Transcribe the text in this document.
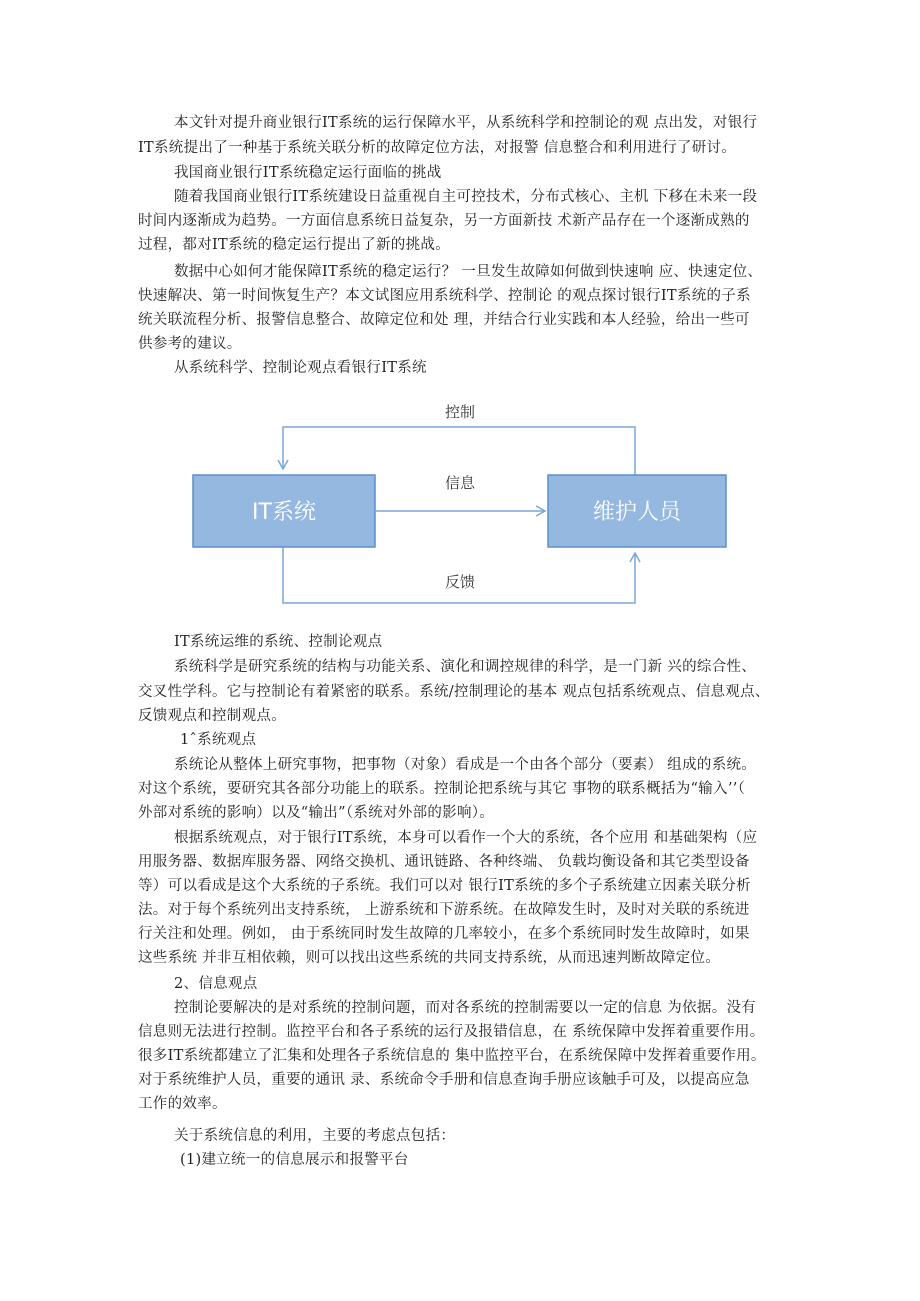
本文针对提升商业银行IT系统的运行保障水平，从系统科学和控制论的观 点出发，对银行
IT系统提出了一种基于系统关联分析的故障定位方法，对报警 信息整合和利用进行了研讨。
我国商业银行IT系统稳定运行面临的挑战
随着我国商业银行IT系统建设日益重视自主可控技术，分布式核心、主机 下移在未来一段
时间内逐渐成为趋势。一方面信息系统日益复杂，另一方面新技 术新产品存在一个逐渐成熟的
过程，都对IT系统的稳定运行提出了新的挑战。
数据中心如何才能保障IT系统的稳定运行？ 一旦发生故障如何做到快速响 应、快速定位、
快速解决、第一时间恢复生产？本文试图应用系统科学、控制论 的观点探讨银行IT系统的子系
统关联流程分析、报警信息整合、故障定位和处 理，并结合行业实践和本人经验，给出一些可
供参考的建议。
从系统科学、控制论观点看银行IT系统
控制
IT系统
信息
维护人员
反馈
IT系统运维的系统、控制论观点
系统科学是研究系统的结构与功能关系、演化和调控规律的科学，是一门新 兴的综合性、
交叉性学科。它与控制论有着紧密的联系。系统/控制理论的基本 观点包括系统观点、信息观点、
反馈观点和控制观点。
1ˆ系统观点
系统论从整体上研究事物，把事物（对象）看成是一个由各个部分（要素） 组成的系统。
对这个系统，要研究其各部分功能上的联系。控制论把系统与其它 事物的联系概括为“输入’’（
外部对系统的影响）以及“输出”（系统对外部的影响）。
根据系统观点，对于银行IT系统，本身可以看作一个大的系统，各个应用 和基础架构（应
用服务器、数据库服务器、网络交换机、通讯链路、各种终端、 负载均衡设备和其它类型设备
等）可以看成是这个大系统的子系统。我们可以对 银行IT系统的多个子系统建立因素关联分析
法。对于每个系统列出支持系统， 上游系统和下游系统。在故障发生时，及时对关联的系统进
行关注和处理。例如， 由于系统同时发生故障的几率较小，在多个系统同时发生故障时，如果
这些系统 并非互相依赖，则可以找出这些系统的共同支持系统，从而迅速判断故障定位。
2、信息观点
控制论要解决的是对系统的控制问题，而对各系统的控制需要以一定的信息 为依据。没有
信息则无法进行控制。监控平台和各子系统的运行及报错信息，在 系统保障中发挥着重要作用。
很多IT系统都建立了汇集和处理各子系统信息的 集中监控平台，在系统保障中发挥着重要作用。
对于系统维护人员，重要的通讯 录、系统命令手册和信息查询手册应该触手可及，以提高应急
工作的效率。
关于系统信息的利用，主要的考虑点包括：
(1)建立统一的信息展示和报警平台
